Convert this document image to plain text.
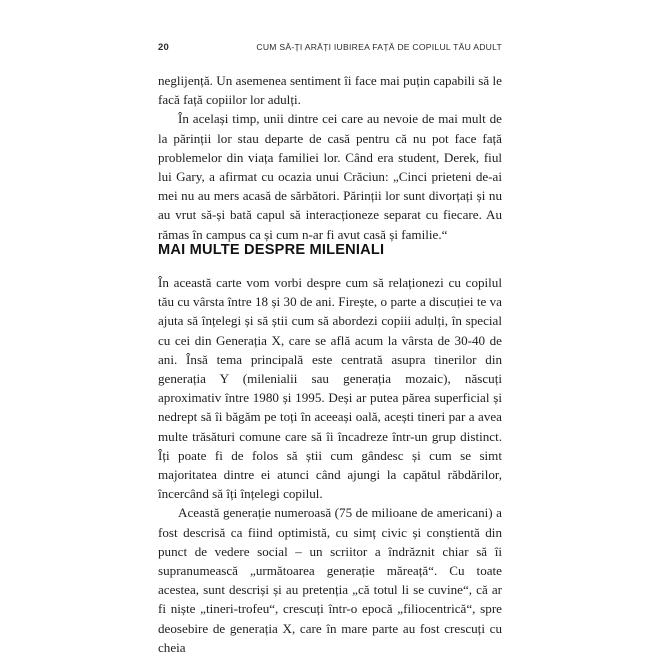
20	CUM SĂ-ȚI ARĂȚI IUBIREA FAȚĂ DE COPILUL TĂU ADULT

neglijență. Un asemenea sentiment îi face mai puțin capabili să le facă față copiilor lor adulți.

În același timp, unii dintre cei care au nevoie de mai mult de la părinții lor stau departe de casă pentru că nu pot face față problemelor din viața familiei lor. Când era student, Derek, fiul lui Gary, a afirmat cu ocazia unui Crăciun: „Cinci prieteni de-ai mei nu au mers acasă de sărbători. Părinții lor sunt divorțați și nu au vrut să-și bată capul să interacționeze separat cu fiecare. Au rămas în campus ca și cum n-ar fi avut casă și familie.“

MAI MULTE DESPRE MILENIALI

În această carte vom vorbi despre cum să relaționezi cu copilul tău cu vârsta între 18 și 30 de ani. Firește, o parte a discuției te va ajuta să înțelegi și să știi cum să abordezi copiii adulți, în special cu cei din Generația X, care se află acum la vârsta de 30-40 de ani. Însă tema principală este centrată asupra tinerilor din generația Y (milenialii sau generația mozaic), născuți aproximativ între 1980 și 1995. Deși ar putea părea superficial și nedrept să îi băgăm pe toți în aceeași oală, acești tineri par a avea multe trăsături comune care să îi încadreze într-un grup distinct. Îți poate fi de folos să știi cum gândesc și cum se simt majoritatea dintre ei atunci când ajungi la capătul răbdărilor, încercând să îți înțelegi copilul.

Această generație numeroasă (75 de milioane de americani) a fost descrisă ca fiind optimistă, cu simț civic și conștientă din punct de vedere social – un scriitor a îndrăznit chiar să îi supranumească „următoarea generație măreață“. Cu toate acestea, sunt descriși și au pretenția „că totul li se cuvine“, că ar fi niște „tineri-trofeu“, crescuți într-o epocă „filiocentrică“, spre deosebire de generația X, care în mare parte au fost crescuți cu cheia
